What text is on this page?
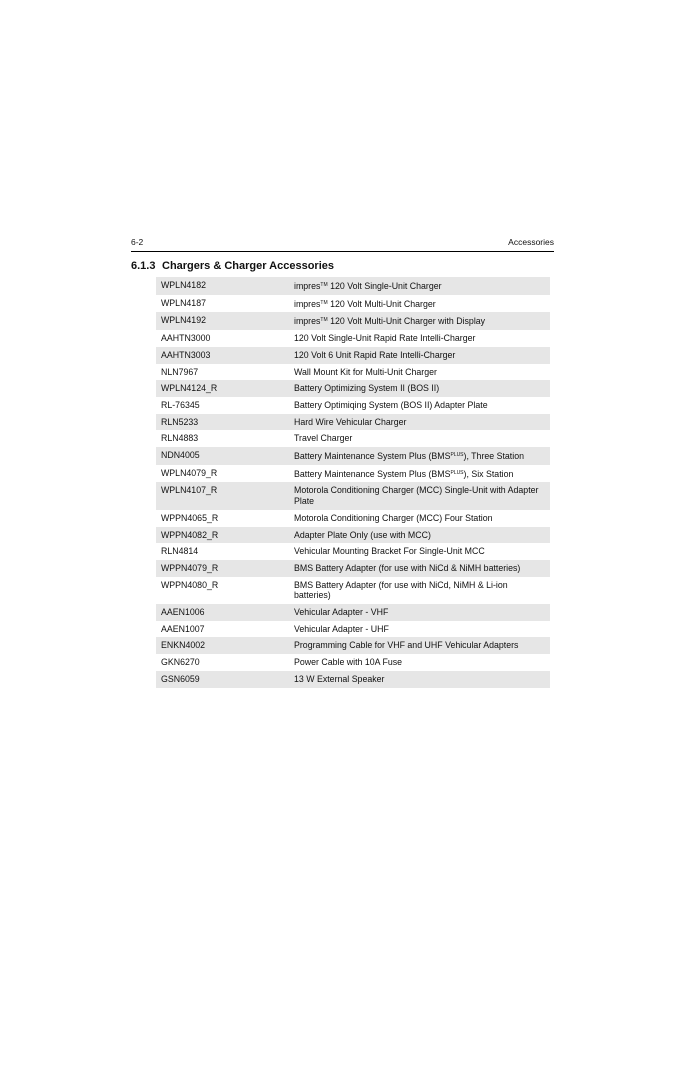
6-2	Accessories
6.1.3 Chargers & Charger Accessories
WPLN4182	impres™ 120 Volt Single-Unit Charger
WPLN4187	impres™ 120 Volt Multi-Unit Charger
WPLN4192	impres™ 120 Volt Multi-Unit Charger with Display
AAHTN3000	120 Volt Single-Unit Rapid Rate Intelli-Charger
AAHTN3003	120 Volt 6 Unit Rapid Rate Intelli-Charger
NLN7967	Wall Mount Kit for Multi-Unit Charger
WPLN4124_R	Battery Optimizing System II (BOS II)
RL-76345	Battery Optimiqing System (BOS II) Adapter Plate
RLN5233	Hard Wire Vehicular Charger
RLN4883	Travel Charger
NDN4005	Battery Maintenance System Plus $(BMS^{PLUS})$, Three Station
WPLN4079_R	Battery Maintenance System Plus $(BMS^{PLUS})$, Six Station
WPLN4107_R	Motorola Conditioning Charger (MCC) Single-Unit with Adapter Plate
WPPN4065_R	Motorola Conditioning Charger (MCC) Four Station
WPPN4082_R	Adapter Plate Only (use with MCC)
RLN4814	Vehicular Mounting Bracket For Single-Unit MCC
WPPN4079_R	BMS Battery Adapter (for use with NiCd & NiMH batteries)
WPPN4080_R	BMS Battery Adapter (for use with NiCd, NiMH & Li-ion batteries)
AAEN1006	Vehicular Adapter - VHF
AAEN1007	Vehicular Adapter - UHF
ENKN4002	Programming Cable for VHF and UHF Vehicular Adapters
GKN6270	Power Cable with 10A Fuse
GSN6059	13 W External Speaker
